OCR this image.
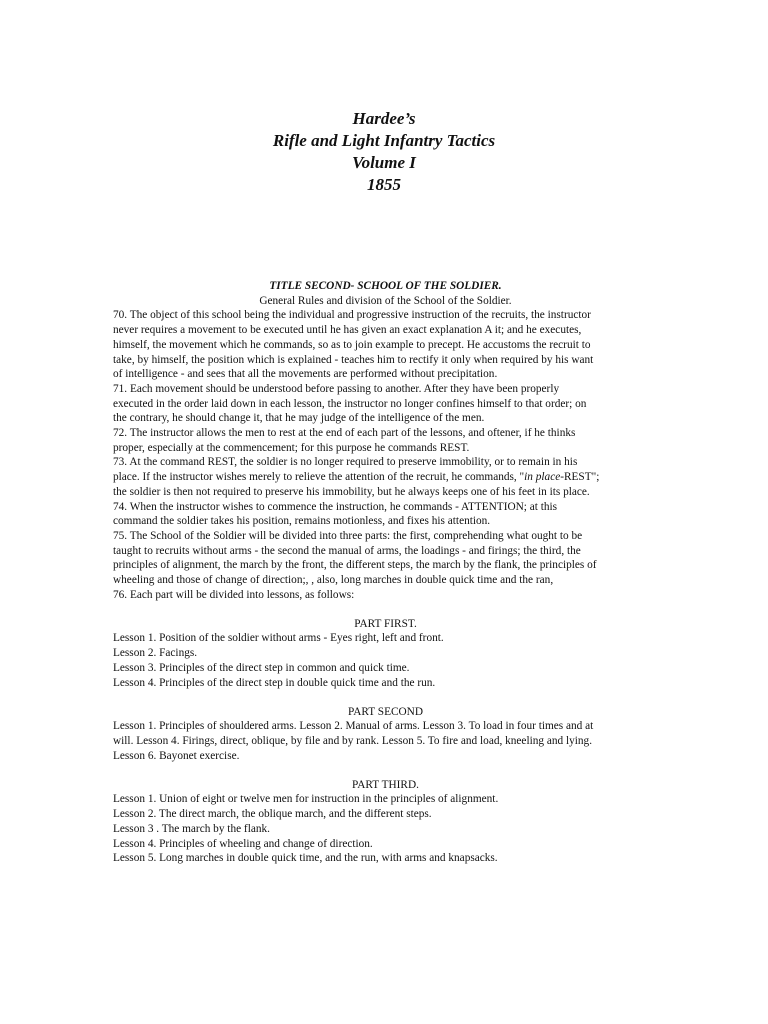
Hardee’s
Rifle and Light Infantry Tactics
Volume I
1855
TITLE SECOND- SCHOOL OF THE SOLDIER.
General Rules and division of the School of the Soldier.
70. The object of this school being the individual and progressive instruction of the recruits, the instructor
never requires a movement to be executed until he has given an exact explanation A it; and he executes,
himself, the movement which he commands, so as to join example to precept. He accustoms the recruit to
take, by himself, the position which is explained - teaches him to rectify it only when required by his want
of intelligence - and sees that all the movements are performed without precipitation.
71. Each movement should be understood before passing to another. After they have been properly
executed in the order laid down in each lesson, the instructor no longer confines himself to that order; on
the contrary, he should change it, that he may judge of the intelligence of the men.
72. The instructor allows the men to rest at the end of each part of the lessons, and oftener, if he thinks
proper, especially at the commencement; for this purpose he commands REST.
73. At the command REST, the soldier is no longer required to preserve immobility, or to remain in his
place. If the instructor wishes merely to relieve the attention of the recruit, he commands, "in place-REST";
the soldier is then not required to preserve his immobility, but he always keeps one of his feet in its place.
74. When the instructor wishes to commence the instruction, he commands - ATTENTION; at this
command the soldier takes his position, remains motionless, and fixes his attention.
75. The School of the Soldier will be divided into three parts: the first, comprehending what ought to be
taught to recruits without arms - the second the manual of arms, the loadings - and firings; the third, the
principles of alignment, the march by the front, the different steps, the march by the flank, the principles of
wheeling and those of change of direction;, , also, long marches in double quick time and the ran,
76. Each part will be divided into lessons, as follows:
PART FIRST.
Lesson 1. Position of the soldier without arms - Eyes right, left and front.
Lesson 2. Facings.
Lesson 3. Principles of the direct step in common and quick time.
Lesson 4. Principles of the direct step in double quick time and the run.
PART SECOND
Lesson 1. Principles of shouldered arms. Lesson 2. Manual of arms. Lesson 3. To load in four times and at
will. Lesson 4. Firings, direct, oblique, by file and by rank. Lesson 5. To fire and load, kneeling and lying.
Lesson 6. Bayonet exercise.
PART THIRD.
Lesson 1. Union of eight or twelve men for instruction in the principles of alignment.
Lesson 2. The direct march, the oblique march, and the different steps.
Lesson 3 . The march by the flank.
Lesson 4. Principles of wheeling and change of direction.
Lesson 5. Long marches in double quick time, and the run, with arms and knapsacks.
